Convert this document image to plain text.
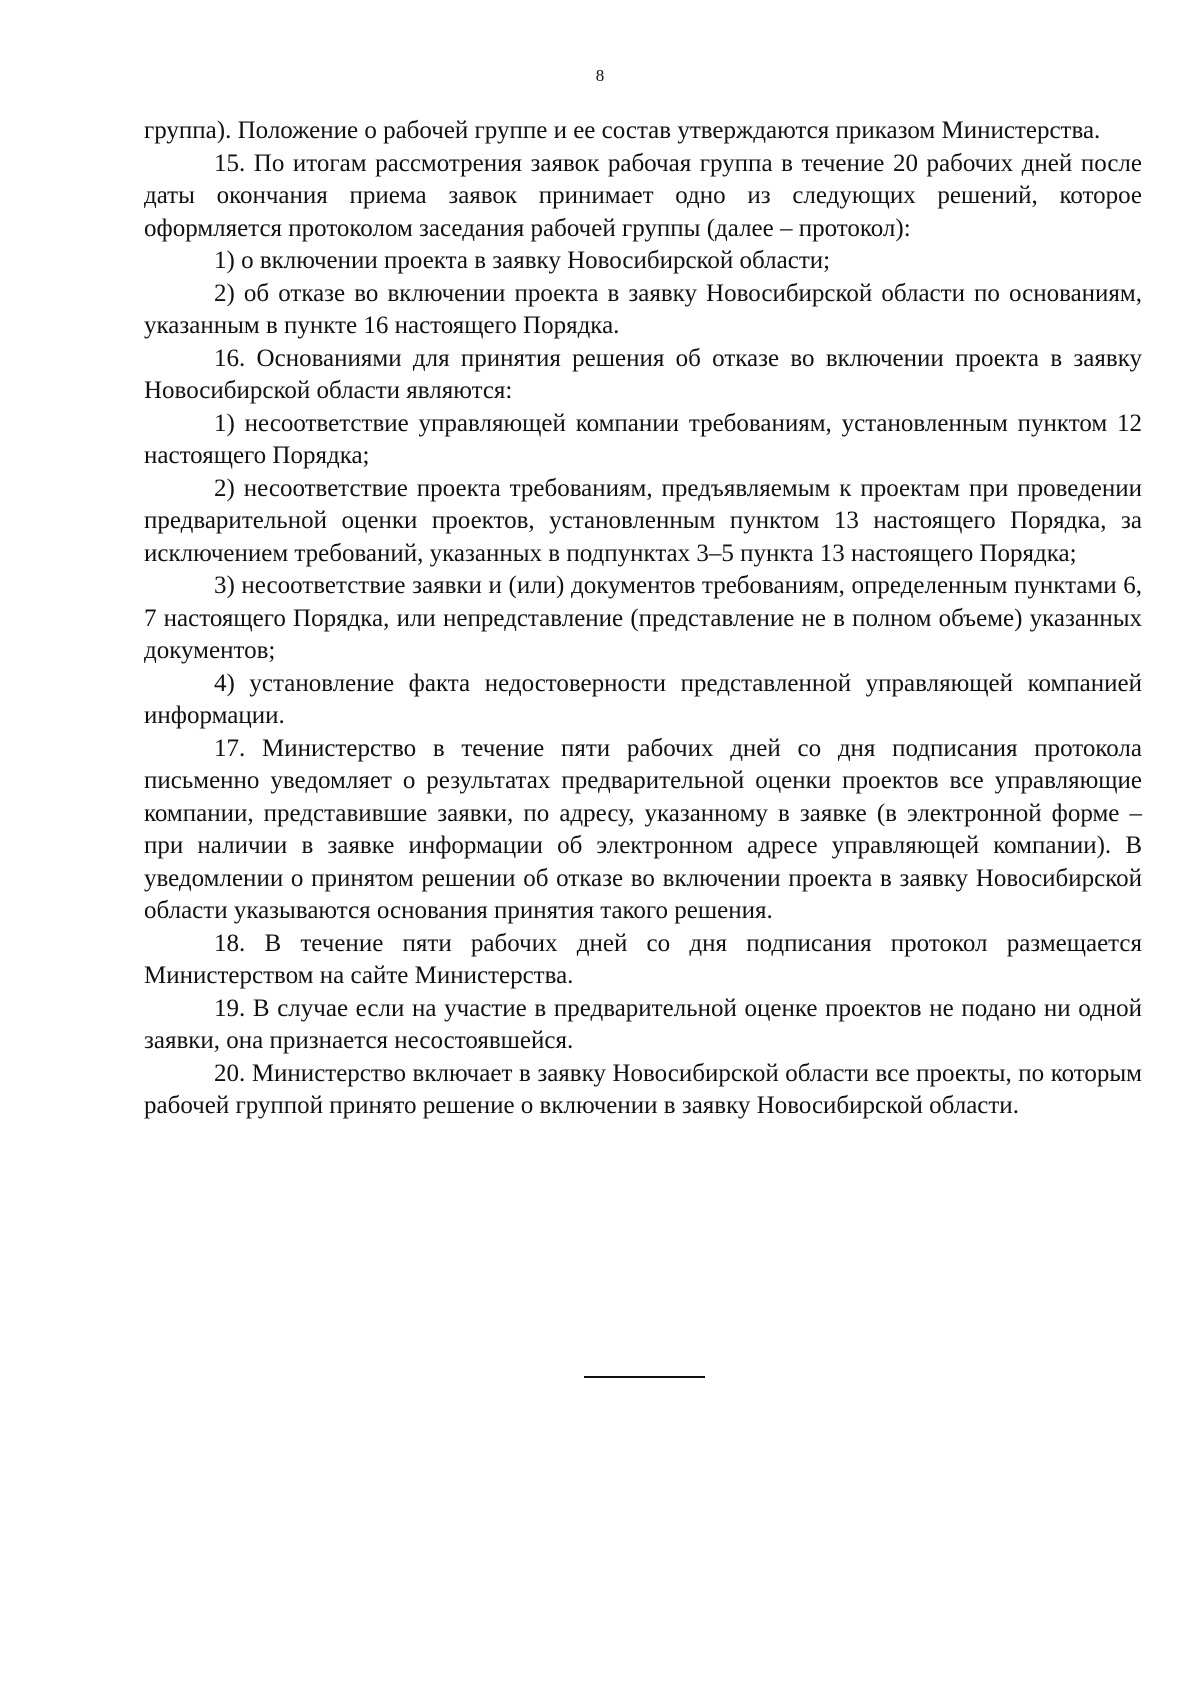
8

группа). Положение о рабочей группе и ее состав утверждаются приказом Министерства.

15. По итогам рассмотрения заявок рабочая группа в течение 20 рабочих дней после даты окончания приема заявок принимает одно из следующих решений, которое оформляется протоколом заседания рабочей группы (далее – протокол):

1) о включении проекта в заявку Новосибирской области;

2) об отказе во включении проекта в заявку Новосибирской области по основаниям, указанным в пункте 16 настоящего Порядка.

16. Основаниями для принятия решения об отказе во включении проекта в заявку Новосибирской области являются:

1) несоответствие управляющей компании требованиям, установленным пунктом 12 настоящего Порядка;

2) несоответствие проекта требованиям, предъявляемым к проектам при проведении предварительной оценки проектов, установленным пунктом 13 настоящего Порядка, за исключением требований, указанных в подпунктах 3–5 пункта 13 настоящего Порядка;

3) несоответствие заявки и (или) документов требованиям, определенным пунктами 6, 7 настоящего Порядка, или непредставление (представление не в полном объеме) указанных документов;

4) установление факта недостоверности представленной управляющей компанией информации.

17. Министерство в течение пяти рабочих дней со дня подписания протокола письменно уведомляет о результатах предварительной оценки проектов все управляющие компании, представившие заявки, по адресу, указанному в заявке (в электронной форме – при наличии в заявке информации об электронном адресе управляющей компании). В уведомлении о принятом решении об отказе во включении проекта в заявку Новосибирской области указываются основания принятия такого решения.

18. В течение пяти рабочих дней со дня подписания протокол размещается Министерством на сайте Министерства.

19. В случае если на участие в предварительной оценке проектов не подано ни одной заявки, она признается несостоявшейся.

20. Министерство включает в заявку Новосибирской области все проекты, по которым рабочей группой принято решение о включении в заявку Новосибирской области.
